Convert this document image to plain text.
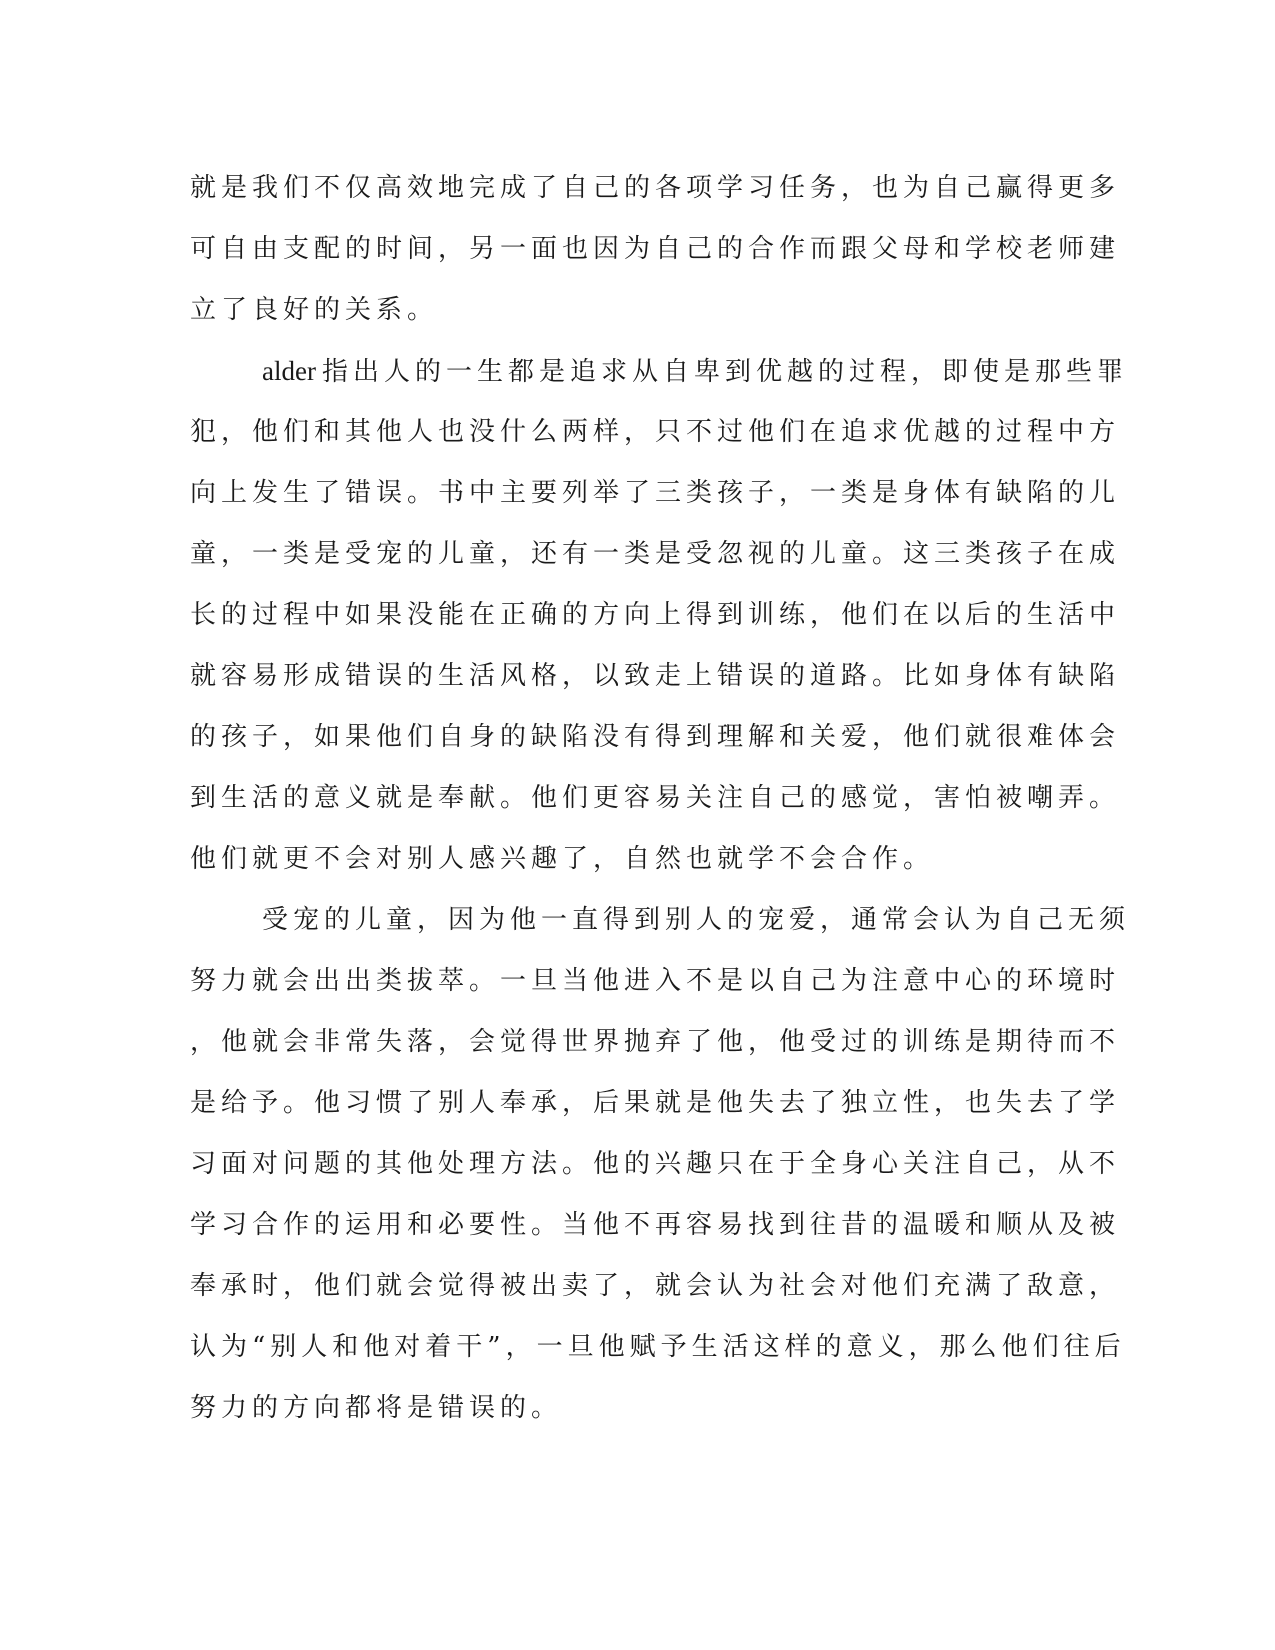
就是我们不仅高效地完成了自己的各项学习任务，也为自己赢得更多
可自由支配的时间，另一面也因为自己的合作而跟父母和学校老师建
立了良好的关系。
alder 指出人的一生都是追求从自卑到优越的过程，即使是那些罪
犯，他们和其他人也没什么两样，只不过他们在追求优越的过程中方
向上发生了错误。书中主要列举了三类孩子，一类是身体有缺陷的儿
童，一类是受宠的儿童，还有一类是受忽视的儿童。这三类孩子在成
长的过程中如果没能在正确的方向上得到训练，他们在以后的生活中
就容易形成错误的生活风格，以致走上错误的道路。比如身体有缺陷
的孩子，如果他们自身的缺陷没有得到理解和关爱，他们就很难体会
到生活的意义就是奉献。他们更容易关注自己的感觉，害怕被嘲弄。
他们就更不会对别人感兴趣了，自然也就学不会合作。
受宠的儿童，因为他一直得到别人的宠爱，通常会认为自己无须
努力就会出出类拔萃。一旦当他进入不是以自己为注意中心的环境时
，他就会非常失落，会觉得世界抛弃了他，他受过的训练是期待而不
是给予。他习惯了别人奉承，后果就是他失去了独立性，也失去了学
习面对问题的其他处理方法。他的兴趣只在于全身心关注自己，从不
学习合作的运用和必要性。当他不再容易找到往昔的温暖和顺从及被
奉承时，他们就会觉得被出卖了，就会认为社会对他们充满了敌意，
认为“别人和他对着干”，一旦他赋予生活这样的意义，那么他们往后
努力的方向都将是错误的。
